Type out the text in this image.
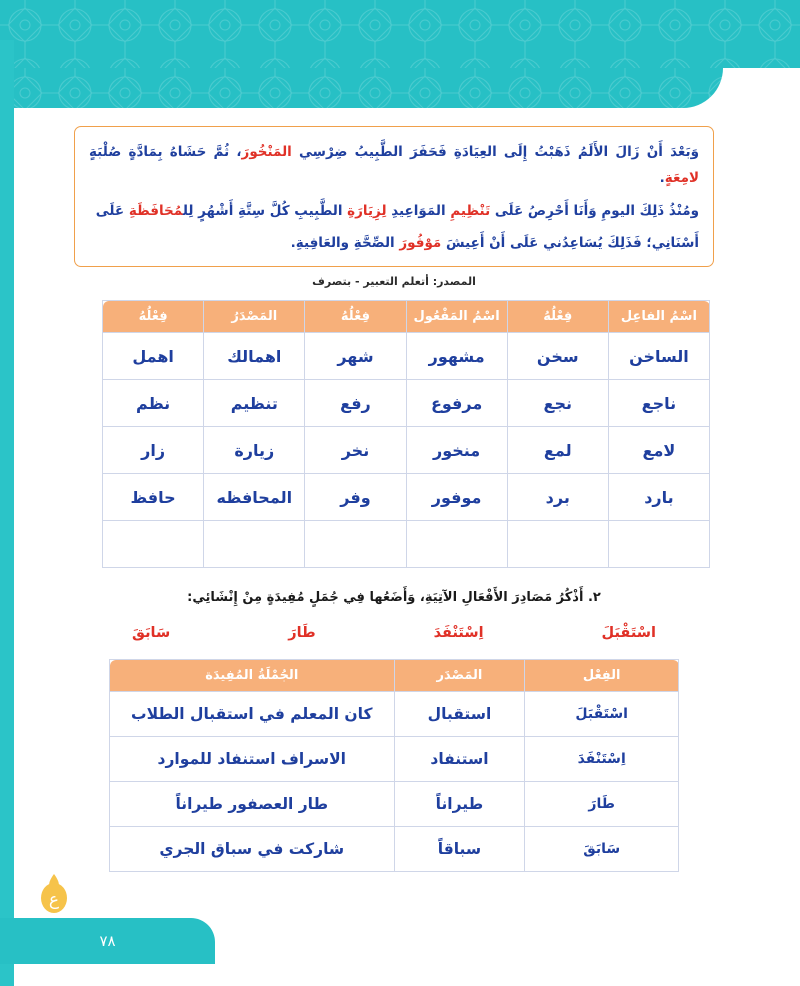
وَبَعْدَ أَنْ زَالَ الأَلَمُ ذَهَبْتُ إِلَى العِيَادَةِ فَحَفَرَ الطَّبِيبُ ضِرْسِي المَنْخُورَ، ثُمَّ حَشَاهُ بِمَادَّةٍ صُلْبَةٍ لامِعَةٍ.

ومُنْذُ ذَلِكَ اليومِ وَأَنَا أَحْرِصُ عَلَى تَنْظِيمِ المَوَاعِيدِ لِزِيَارَةِ الطَّبِيبِ كُلَّ سِتَّةِ أَشْهُرٍ لِلمُحَافَظَةِ عَلَى

أَسْنَانِي؛ فَذَلِكَ يُسَاعِدُني عَلَى أَنْ أَعِيشَ مَوْفُورَ الصِّحَّةِ والعَافِيةِ.

المصدر: أتعلم التعبير - بتصرف
اسْمُ الفاعِل	فِعْلُهُ	اسْمُ المَفْعُول	فِعْلُهُ	المَصْدَرُ	فِعْلُهُ
الساخن	سخن	مشهور	شهر	اهمالك	اهمل
ناجع	نجع	مرفوع	رفع	تنظيم	نظم
لامع	لمع	منخور	نخر	زيارة	زار
بارد	برد	موفور	وفر	المحافظه	حافظ

٢. أَذْكُرُ مَصَادِرَ الأَفْعَالِ الآتِيَةِ، وَأَضَعُها فِي جُمَلٍ مُفِيدَةٍ مِنْ إِنْشَائِي:
اسْتَقْبَلَ
اِسْتَنْفَدَ
طَارَ
سَابَقَ
الفِعْل	المَصْدَر	الجُمْلَةُ المُفِيدَة
اسْتَقْبَلَ	استقبال	كان المعلم في استقبال الطلاب
اِسْتَنْفَدَ	استنفاد	الاسراف استنفاد للموارد
طَارَ	طيراناً	طار العصفور طيراناً
سَابَقَ	سباقاً	شاركت في سباق الجري
ع
٧٨
